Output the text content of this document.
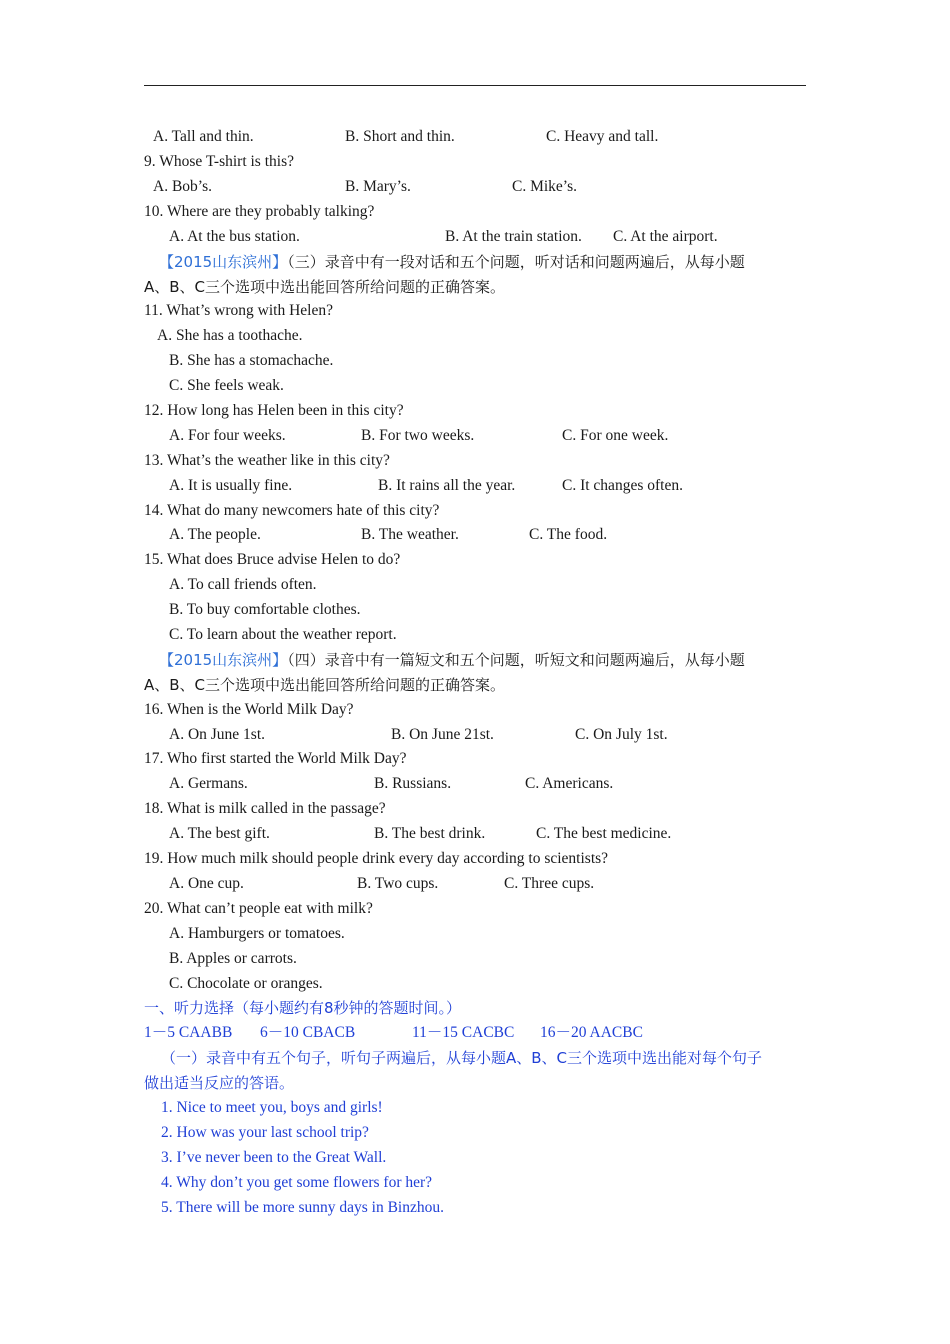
A. Tall and thin.	B. Short and thin.	C. Heavy and tall.
9. Whose T-shirt is this?
A. Bob’s.	B. Mary’s.	C. Mike’s.
10. Where are they probably talking?
A. At the bus station.	B. At the train station. C. At the airport.
【2015山东滨州】（三）录音中有一段对话和五个问题，听对话和问题两遍后，从每小题
A、B、C三个选项中选出能回答所给问题的正确答案。
11. What’s wrong with Helen?
A. She has a toothache.
B. She has a stomachache.
C. She feels weak.
12. How long has Helen been in this city?
A. For four weeks.	B. For two weeks.	C. For one week.
13. What’s the weather like in this city?
A. It is usually fine.	B. It rains all the year.	C. It changes often.
14. What do many newcomers hate of this city?
A. The people.	B. The weather.	C. The food.
15. What does Bruce advise Helen to do?
A. To call friends often.
B. To buy comfortable clothes.
C. To learn about the weather report.
【2015山东滨州】（四）录音中有一篇短文和五个问题，听短文和问题两遍后，从每小题
A、B、C三个选项中选出能回答所给问题的正确答案。
16. When is the World Milk Day?
A. On June 1st.	B. On June 21st.	C. On July 1st.
17. Who first started the World Milk Day?
A. Germans.	B. Russians.	C. Americans.
18. What is milk called in the passage?
A. The best gift.	B. The best drink.	C. The best medicine.
19. How much milk should people drink every day according to scientists?
A. One cup.	B. Two cups.	C. Three cups.
20. What can’t people eat with milk?
A. Hamburgers or tomatoes.
B. Apples or carrots.
C. Chocolate or oranges.
一、听力选择（每小题约有8秒钟的答题时间。）
1－5 CAABB 6－10 CBACB	11－15 CACBC 16－20 AACBC
（一）录音中有五个句子，听句子两遍后，从每小题A、B、C三个选项中选出能对每个句子
做出适当反应的答语。
1. Nice to meet you, boys and girls!
2. How was your last school trip?
3. I’ve never been to the Great Wall.
4. Why don’t you get some flowers for her?
5. There will be more sunny days in Binzhou.
